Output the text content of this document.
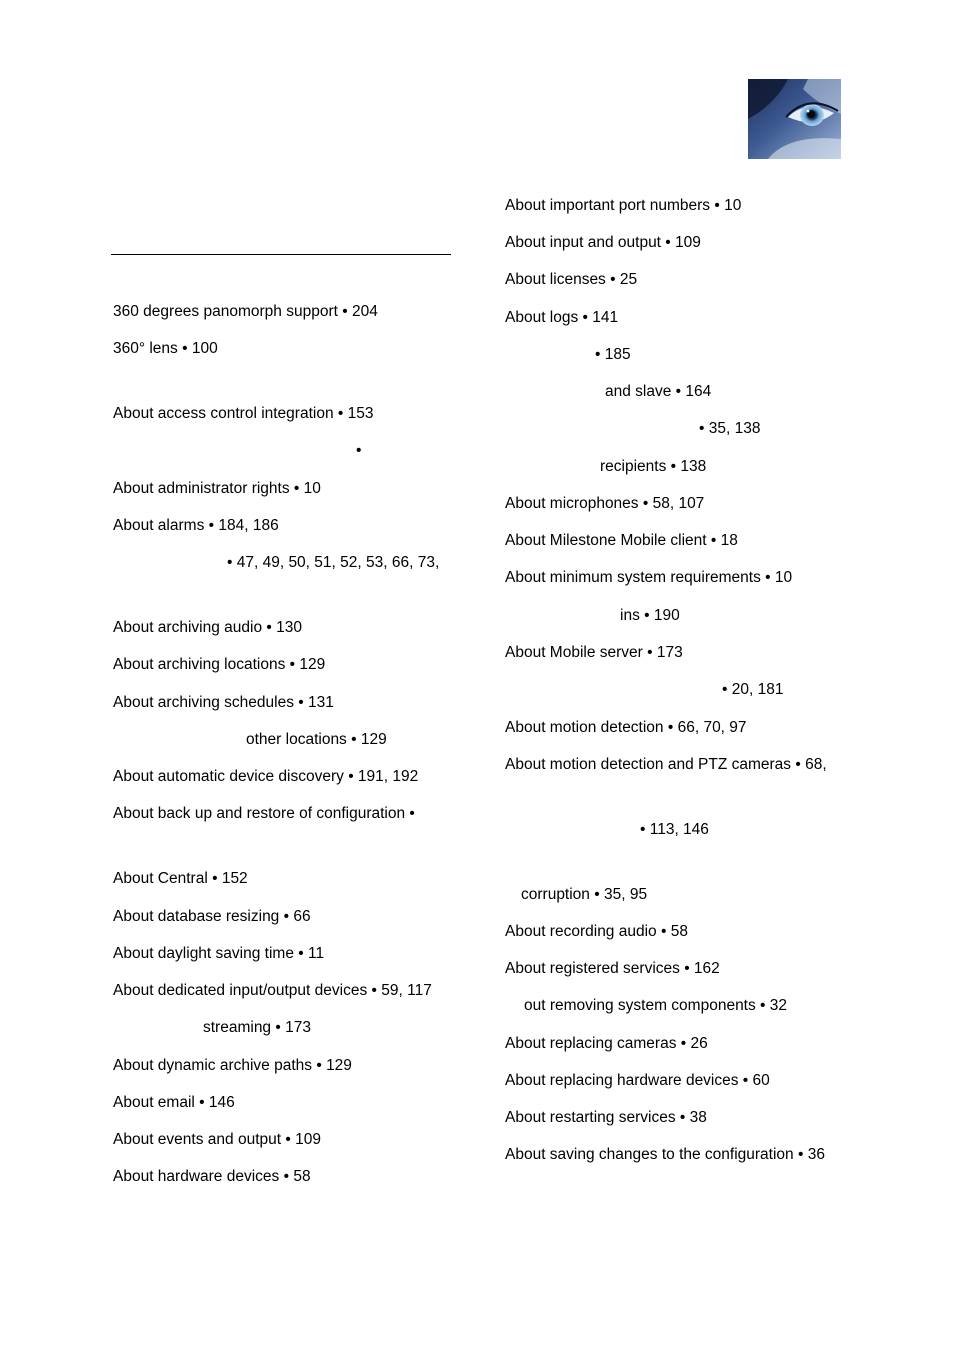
360 degrees panomorph support • 204
360° lens • 100
About access control integration • 153
•
About administrator rights • 10
About alarms • 184, 186
• 47, 49, 50, 51, 52, 53, 66, 73,
About archiving audio • 130
About archiving locations • 129
About archiving schedules • 131
other locations • 129
About automatic device discovery • 191, 192
About back up and restore of configuration •
About Central • 152
About database resizing • 66
About daylight saving time • 11
About dedicated input/output devices • 59, 117
streaming • 173
About dynamic archive paths • 129
About email • 146
About events and output • 109
About hardware devices • 58
About important port numbers • 10
About input and output • 109
About licenses • 25
About logs • 141
• 185
and slave • 164
• 35, 138
recipients • 138
About microphones • 58, 107
About Milestone Mobile client • 18
About minimum system requirements • 10
ins • 190
About Mobile server • 173
• 20, 181
About motion detection • 66, 70, 97
About motion detection and PTZ cameras • 68,
• 113, 146
corruption • 35, 95
About recording audio • 58
About registered services • 162
out removing system components • 32
About replacing cameras • 26
About replacing hardware devices • 60
About restarting services • 38
About saving changes to the configuration • 36
